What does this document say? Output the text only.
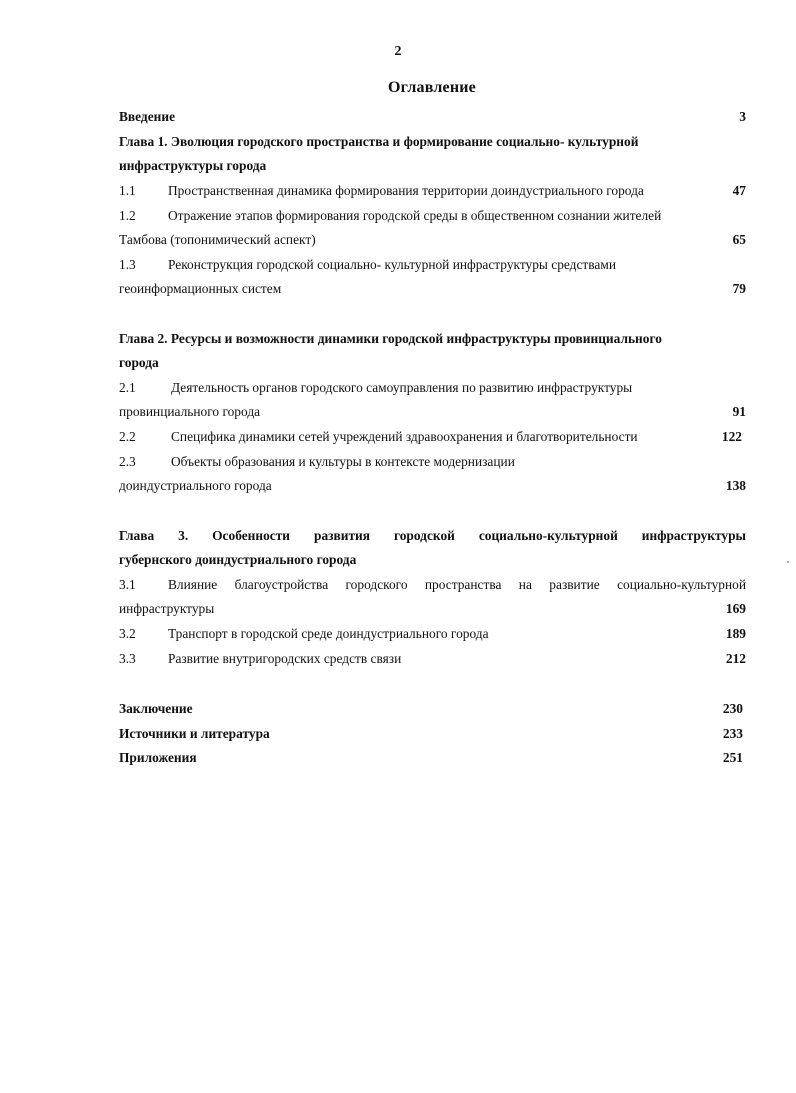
2
Оглавление
Введение	3
Глава 1. Эволюция городского пространства и формирование социально- культурной
инфраструктуры города
1.1 Пространственная динамика формирования территории доиндустриального города	47
1.2 Отражение этапов формирования городской среды в общественном сознании жителей
Тамбова (топонимический аспект)	65
1.3 Реконструкция городской социально- культурной инфраструктуры средствами
геоинформационных систем	79
Глава 2. Ресурсы и возможности динамики городской инфраструктуры провинциального
города
2.1	Деятельность органов городского самоуправления по развитию инфраструктуры
провинциального города	91
2.2	Специфика динамики сетей учреждений здравоохранения и благотворительности	122
2.3	Объекты образования и культуры в контексте модернизации
доиндустриального города	138
Глава 3. Особенности развития городской социально-культурной инфраструктуры
губернского доиндустриального города
3.1	Влияние благоустройства городского пространства на развитие социально-культурной
инфраструктуры	169
3.2 Транспорт в городской среде доиндустриального города	189
3.3 Развитие внутригородских средств связи	212
Заключение	230
Источники и литература	233
Приложения	251
